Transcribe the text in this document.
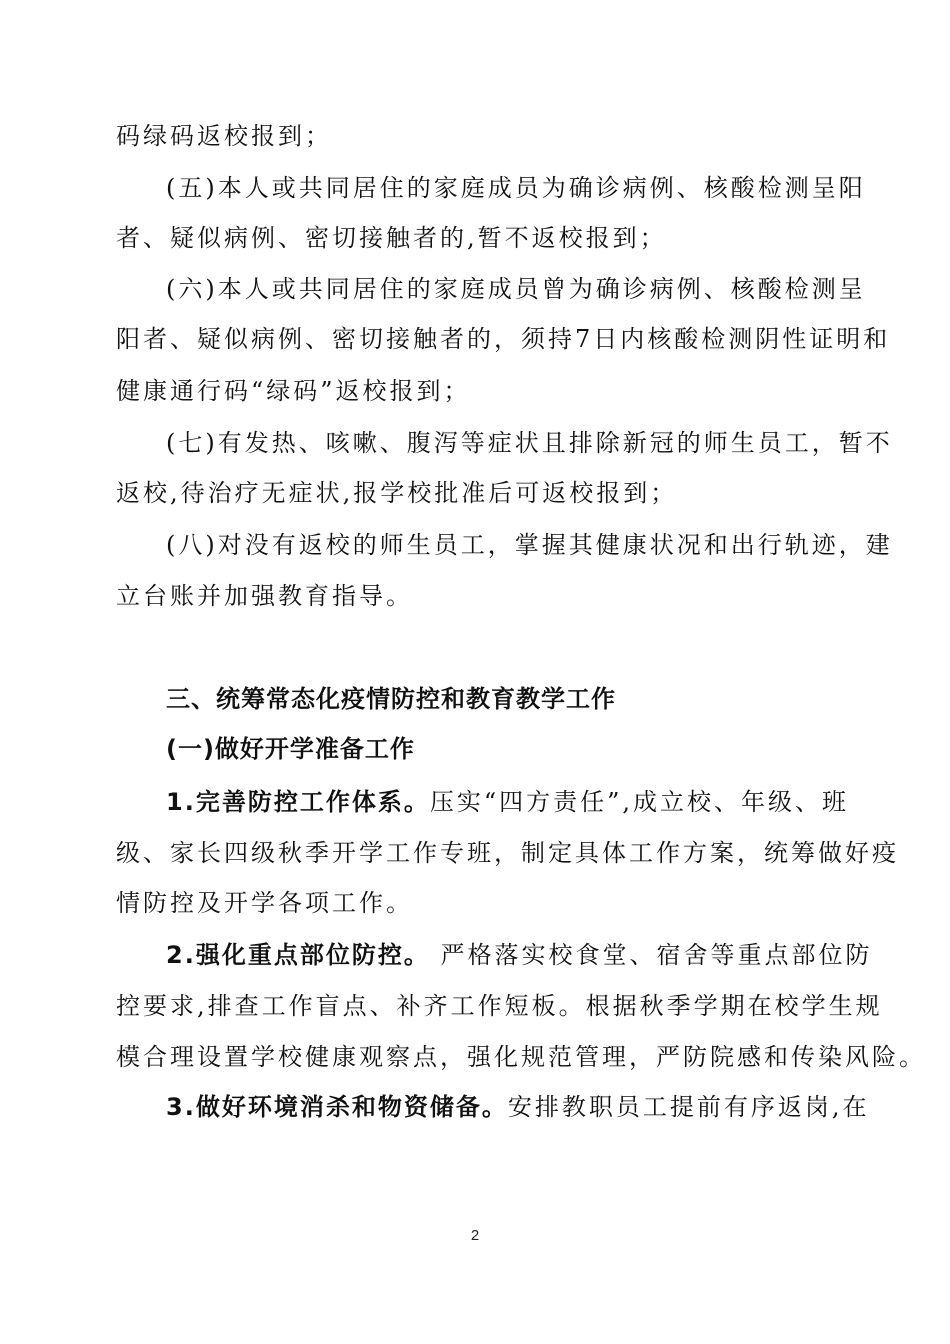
码绿码返校报到；
(五)本人或共同居住的家庭成员为确诊病例、核酸检测呈阳
者、疑似病例、密切接触者的,暂不返校报到；
(六)本人或共同居住的家庭成员曾为确诊病例、核酸检测呈
阳者、疑似病例、密切接触者的，须持7日内核酸检测阴性证明和
健康通行码“绿码”返校报到；
(七)有发热、咳嗽、腹泻等症状且排除新冠的师生员工，暂不
返校,待治疗无症状,报学校批准后可返校报到；
(八)对没有返校的师生员工，掌握其健康状况和出行轨迹，建
立台账并加强教育指导。
三、统筹常态化疫情防控和教育教学工作
(一)做好开学准备工作
1.完善防控工作体系。压实“四方责任”,成立校、年级、班
级、家长四级秋季开学工作专班，制定具体工作方案，统筹做好疫
情防控及开学各项工作。
2.强化重点部位防控。 严格落实校食堂、宿舍等重点部位防
控要求,排查工作盲点、补齐工作短板。根据秋季学期在校学生规
模合理设置学校健康观察点，强化规范管理，严防院感和传染风险。
3.做好环境消杀和物资储备。安排教职员工提前有序返岗,在
2
